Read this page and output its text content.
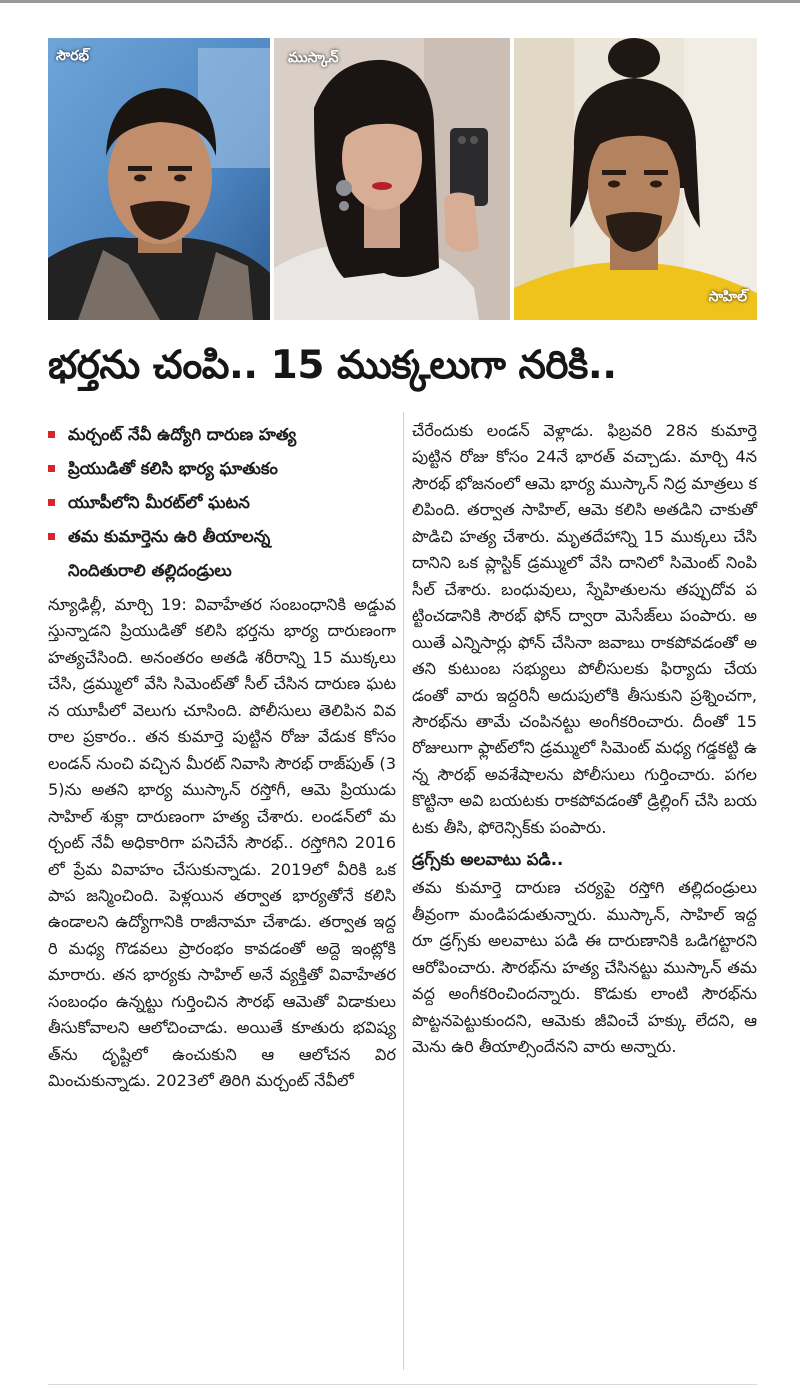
సౌరభ్	ముస్కాన్
సాహిల్
భర్తను చంపి.. 15 ముక్కలుగా నరికి..
మర్చంట్ నేవీ ఉద్యోగి దారుణ హత్య
ప్రియుడితో కలిసి భార్య ఘాతుకం
యూపీలోని మీరట్‌లో ఘటన
తమ కుమార్తెను ఉరి తీయాలన్న
నిందితురాలి తల్లిదండ్రులు

న్యూఢిల్లీ, మార్చి 19: వివాహేతర సంబంధానికి అడ్డువస్తున్నాడని ప్రియుడితో కలిసి భర్తను భార్య దారుణంగా హత్యచేసింది. అనంతరం అతడి శరీరాన్ని 15 ముక్కలు చేసి, డ్రమ్ములో వేసి సిమెంట్‌తో సీల్ చేసిన దారుణ ఘటన యూపీలో వెలుగు చూసింది. పోలీసులు తెలిపిన వివరాల ప్రకారం.. తన కుమార్తె పుట్టిన రోజు వేడుక కోసం లండన్ నుంచి వచ్చిన మీరట్ నివాసి సౌరభ్ రాజ్‌పుత్ (35)ను అతని భార్య ముస్కాన్ రస్తోగీ, ఆమె ప్రియుడు సాహిల్ శుక్లా దారుణంగా హత్య చేశారు. లండన్‌లో మర్చంట్ నేవీ అధికారిగా పనిచేసే సౌరభ్.. రస్తోగిని 2016లో ప్రేమ వివాహం చేసుకున్నాడు. 2019లో వీరికి ఒక పాప జన్మించింది. పెళ్లయిన తర్వాత భార్యతోనే కలిసి ఉండాలని ఉద్యోగానికి రాజీనామా చేశాడు. తర్వాత ఇద్దరి మధ్య గొడవలు ప్రారంభం కావడంతో అద్దె ఇంట్లోకి మారారు. తన భార్యకు సాహిల్ అనే వ్యక్తితో వివాహేతర సంబంధం ఉన్నట్టు గుర్తించిన సౌరభ్ ఆమెతో విడాకులు తీసుకోవాలని ఆలోచించాడు. అయితే కూతురు భవిష్యత్‌ను దృష్టిలో ఉంచుకుని ఆ ఆలోచన విరమించుకున్నాడు. 2023లో తిరిగి మర్చంట్ నేవీలో

చేరేందుకు లండన్ వెళ్లాడు. ఫిబ్రవరి 28న కుమార్తె పుట్టిన రోజు కోసం 24నే భారత్ వచ్చాడు. మార్చి 4న సౌరభ్ భోజనంలో ఆమె భార్య ముస్కాన్ నిద్ర మాత్రలు కలిపింది. తర్వాత సాహిల్, ఆమె కలిసి అతడిని చాకుతో పొడిచి హత్య చేశారు. మృతదేహాన్ని 15 ముక్కలు చేసి దానిని ఒక ప్లాస్టిక్ డ్రమ్ములో వేసి దానిలో సిమెంట్ నింపి సీల్ చేశారు. బంధువులు, స్నేహితులను తప్పుదోవ పట్టించడానికి సౌరభ్ ఫోన్ ద్వారా మెసేజ్‌లు పంపారు. అయితే ఎన్నిసార్లు ఫోన్ చేసినా జవాబు రాకపోవడంతో అతని కుటుంబ సభ్యులు పోలీసులకు ఫిర్యాదు చేయడంతో వారు ఇద్దరినీ అదుపులోకి తీసుకుని ప్రశ్నించగా, సౌరభ్‌ను తామే చంపినట్టు అంగీకరించారు. దీంతో 15 రోజులుగా ఫ్లాట్‌లోని డ్రమ్ములో సిమెంట్ మధ్య గడ్డకట్టి ఉన్న సౌరభ్ అవశేషాలను పోలీసులు గుర్తించారు. పగలకొట్టినా అవి బయటకు రాకపోవడంతో డ్రిల్లింగ్ చేసి బయటకు తీసి, ఫోరెన్సిక్‌కు పంపారు.

డ్రగ్స్‌కు అలవాటు పడి..

తమ కుమార్తె దారుణ చర్యపై రస్తోగి తల్లిదండ్రులు తీవ్రంగా మండిపడుతున్నారు. ముస్కాన్, సాహిల్ ఇద్దరూ డ్రగ్స్‌కు అలవాటు పడి ఈ దారుణానికి ఒడిగట్టారని ఆరోపించారు. సౌరభ్‌ను హత్య చేసినట్టు ముస్కాన్ తమ వద్ద అంగీకరించిందన్నారు. కొడుకు లాంటి సౌరభ్‌ను పొట్టనపెట్టుకుందని, ఆమెకు జీవించే హక్కు లేదని, ఆమెను ఉరి తీయాల్సిందేనని వారు అన్నారు.
